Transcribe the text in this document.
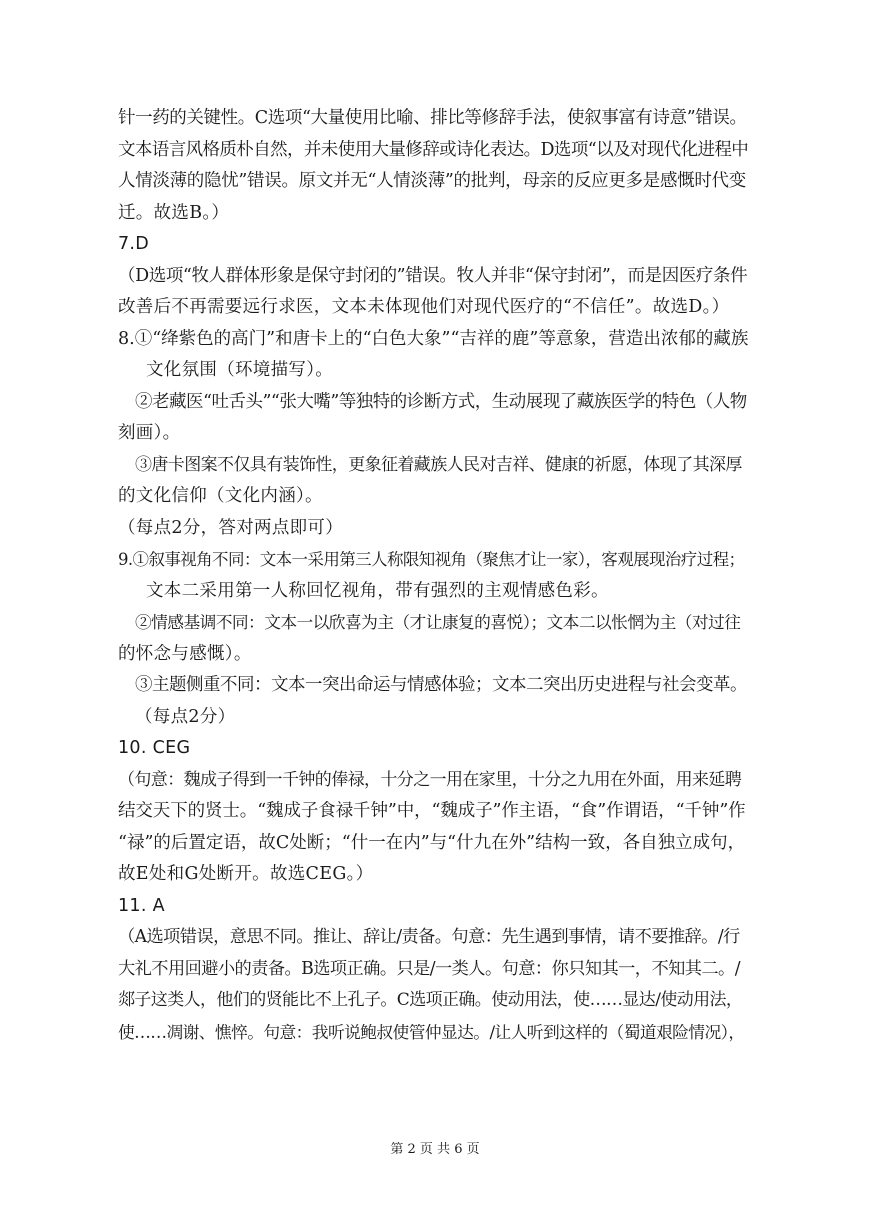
针一药的关键性。C选项“大量使用比喻、排比等修辞手法，使叙事富有诗意”错误。
文本语言风格质朴自然，并未使用大量修辞或诗化表达。D选项“以及对现代化进程中
人情淡薄的隐忧”错误。原文并无“人情淡薄”的批判，母亲的反应更多是感慨时代变
迁。故选B。）
7.D
（D选项“牧人群体形象是保守封闭的”错误。牧人并非“保守封闭”，而是因医疗条件
改善后不再需要远行求医，文本未体现他们对现代医疗的“不信任”。故选D。）
8.①“绛紫色的高门”和唐卡上的“白色大象”“吉祥的鹿”等意象，营造出浓郁的藏族
文化氛围（环境描写）。
②老藏医“吐舌头”“张大嘴”等独特的诊断方式，生动展现了藏族医学的特色（人物
刻画）。
③唐卡图案不仅具有装饰性，更象征着藏族人民对吉祥、健康的祈愿，体现了其深厚
的文化信仰（文化内涵）。
（每点2分，答对两点即可）
9.①叙事视角不同：文本一采用第三人称限知视角（聚焦才让一家），客观展现治疗过程；
文本二采用第一人称回忆视角，带有强烈的主观情感色彩。
②情感基调不同：文本一以欣喜为主（才让康复的喜悦）；文本二以怅惘为主（对过往
的怀念与感慨）。
③主题侧重不同：文本一突出命运与情感体验；文本二突出历史进程与社会变革。
（每点2分）
10. CEG
（句意：魏成子得到一千钟的俸禄，十分之一用在家里，十分之九用在外面，用来延聘
结交天下的贤士。“魏成子食禄千钟”中，“魏成子”作主语，“食”作谓语，“千钟”作
“禄”的后置定语，故C处断；“什一在内”与“什九在外”结构一致，各自独立成句，
故E处和G处断开。故选CEG。）
11. A
（A选项错误，意思不同。推让、辞让/责备。句意：先生遇到事情，请不要推辞。/行
大礼不用回避小的责备。B选项正确。只是/一类人。句意：你只知其一，不知其二。/
郯子这类人，他们的贤能比不上孔子。C选项正确。使动用法，使……显达/使动用法，
使……凋谢、憔悴。句意：我听说鲍叔使管仲显达。/让人听到这样的（蜀道艰险情况），
第 2 页 共 6 页
